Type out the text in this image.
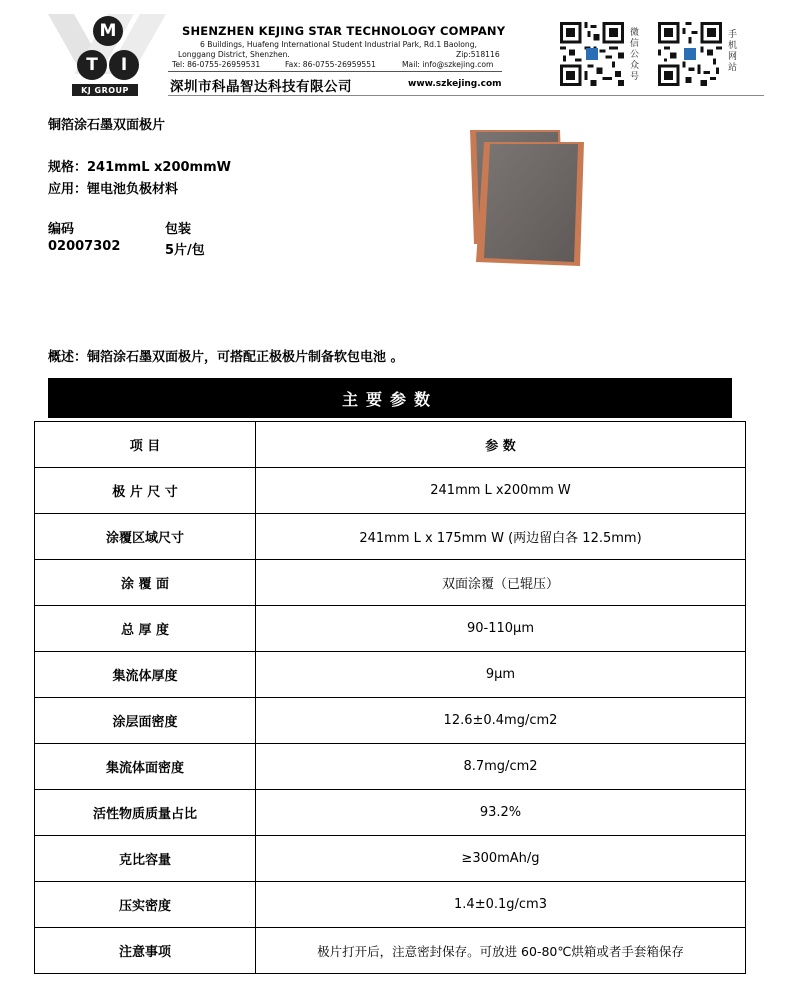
M
T	I
KJ GROUP
SHENZHEN KEJING STAR TECHNOLOGY COMPANY
6 Buildings, Huafeng International Student Industrial Park, Rd.1 Baolong,
Longgang District, Shenzhen.	Zip:518116
Tel: 86-0755-26959531	Fax: 86-0755-26959551	Mail: info@szkejing.com
深圳市科晶智达科技有限公司	www.szkejing.com
微信公众号
手机网站
铜箔涂石墨双面极片
规格：241mmL x200mmW
应用：锂电池负极材料
编码	包装
02007302	5片/包
概述：铜箔涂石墨双面极片，可搭配正极极片制备软包电池 。
主要参数
项 目	参 数
极 片 尺 寸	241mm L x200mm W
涂覆区域尺寸	241mm L x 175mm W (两边留白各 12.5mm)
涂 覆 面	双面涂覆（已辊压）
总 厚 度	90-110μm
集流体厚度	9μm
涂层面密度	12.6±0.4mg/cm2
集流体面密度	8.7mg/cm2
活性物质质量占比	93.2%
克比容量	≥300mAh/g
压实密度	1.4±0.1g/cm3
注意事项	极片打开后，注意密封保存。可放进 60-80℃烘箱或者手套箱保存
